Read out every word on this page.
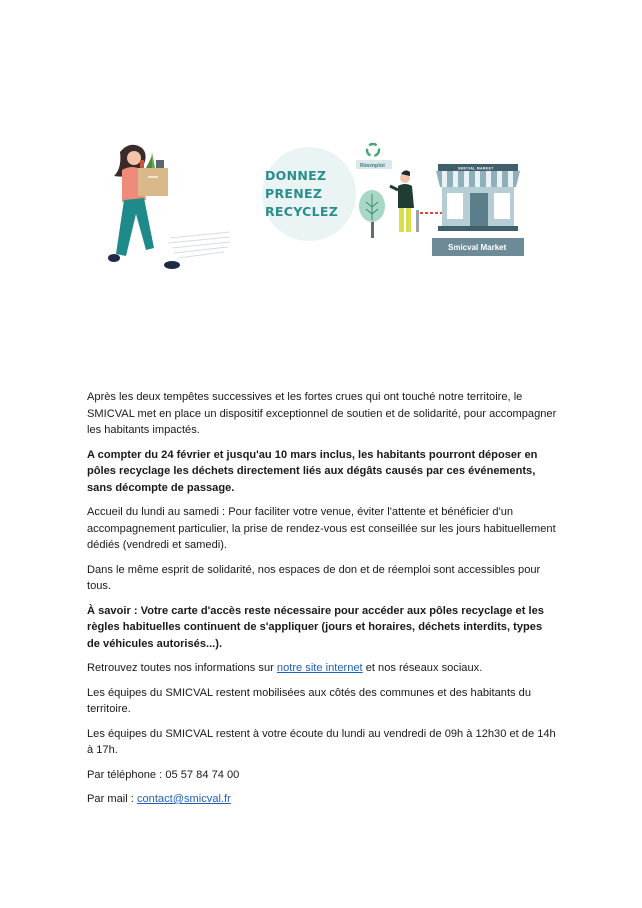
DONNEZ
PRENEZ
RECYCLEZ
Réemploi	SMICVAL MARKET
Smicval Market

Après les deux tempêtes successives et les fortes crues qui ont touché notre territoire, le SMICVAL met en place un dispositif exceptionnel de soutien et de solidarité, pour accompagner les habitants impactés.

A compter du 24 février et jusqu'au 10 mars inclus, les habitants pourront déposer en pôles recyclage les déchets directement liés aux dégâts causés par ces événements, sans décompte de passage.

Accueil du lundi au samedi : Pour faciliter votre venue, éviter l'attente et bénéficier d'un accompagnement particulier, la prise de rendez-vous est conseillée sur les jours habituellement dédiés (vendredi et samedi).

Dans le même esprit de solidarité, nos espaces de don et de réemploi sont accessibles pour tous.

À savoir : Votre carte d'accès reste nécessaire pour accéder aux pôles recyclage et les règles habituelles continuent de s'appliquer (jours et horaires, déchets interdits, types de véhicules autorisés...).

Retrouvez toutes nos informations sur notre site internet et nos réseaux sociaux.

Les équipes du SMICVAL restent mobilisées aux côtés des communes et des habitants du territoire.

Les équipes du SMICVAL restent à votre écoute du lundi au vendredi de 09h à 12h30 et de 14h à 17h.

Par téléphone : 05 57 84 74 00

Par mail : contact@smicval.fr
